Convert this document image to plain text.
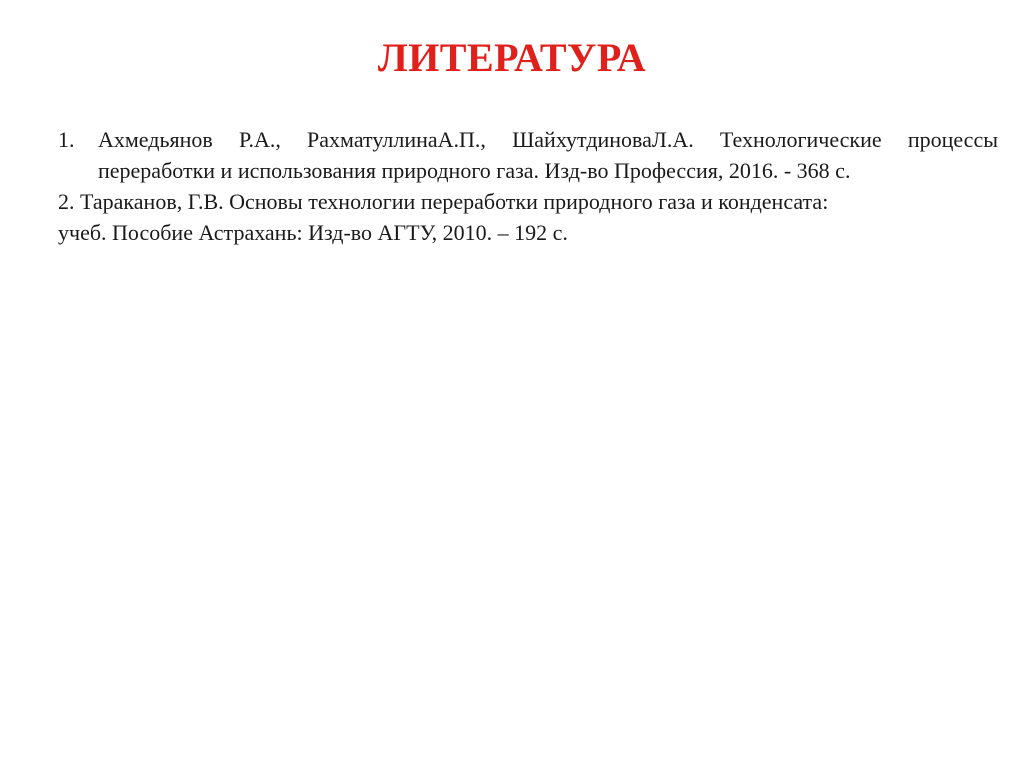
ЛИТЕРАТУРА
1.	Ахмедьянов Р.А., РахматуллинаА.П., ШайхутдиноваЛ.А. Технологические процессы переработки и использования природного газа. Изд-во Профессия, 2016. - 368 с.
2. Тараканов, Г.В. Основы технологии переработки природного газа и конденсата:
учеб. Пособие Астрахань: Изд-во АГТУ, 2010. – 192 с.
